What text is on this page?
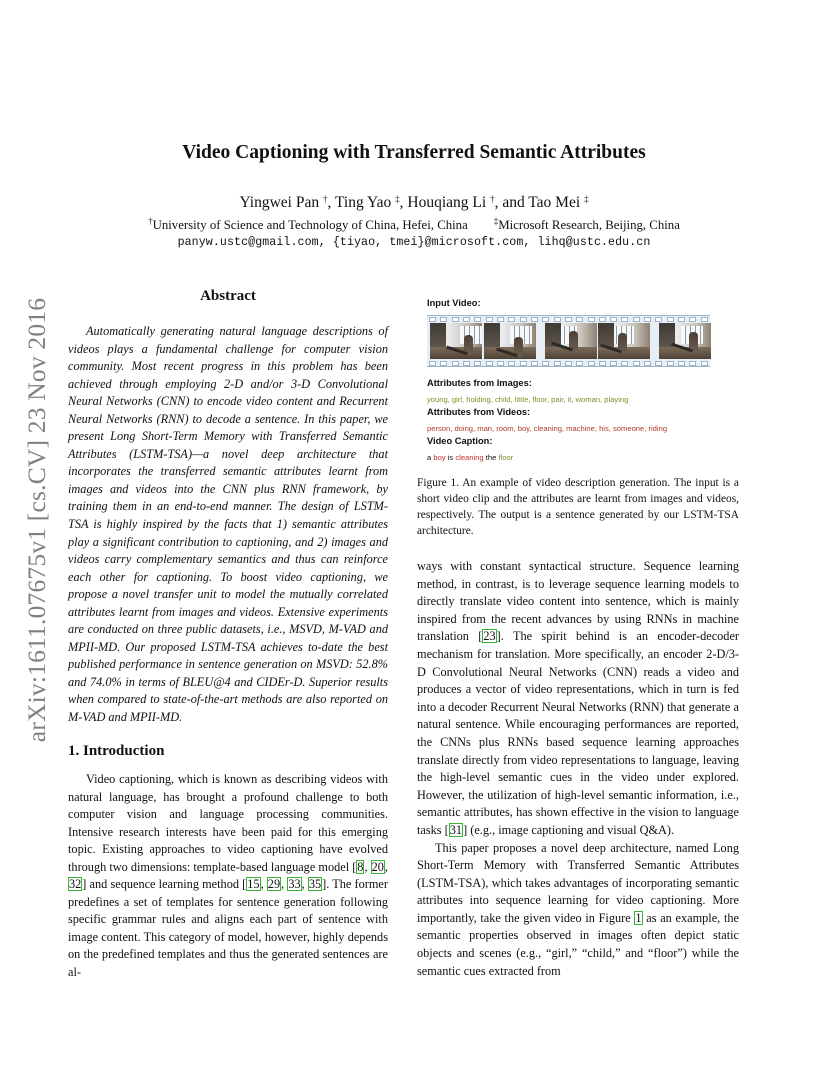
arXiv:1611.07675v1 [cs.CV] 23 Nov 2016
Video Captioning with Transferred Semantic Attributes
Yingwei Pan †, Ting Yao ‡, Houqiang Li †, and Tao Mei ‡
†University of Science and Technology of China, Hefei, China	‡Microsoft Research, Beijing, China
panyw.ustc@gmail.com, {tiyao, tmei}@microsoft.com, lihq@ustc.edu.cn
Abstract

Automatically generating natural language descriptions of videos plays a fundamental challenge for computer vision community. Most recent progress in this problem has been achieved through employing 2-D and/or 3-D Convolutional Neural Networks (CNN) to encode video content and Recurrent Neural Networks (RNN) to decode a sentence. In this paper, we present Long Short-Term Memory with Transferred Semantic Attributes (LSTM-TSA)—a novel deep architecture that incorporates the transferred semantic attributes learnt from images and videos into the CNN plus RNN framework, by training them in an end-to-end manner. The design of LSTM-TSA is highly inspired by the facts that 1) semantic attributes play a significant contribution to captioning, and 2) images and videos carry complementary semantics and thus can reinforce each other for captioning. To boost video captioning, we propose a novel transfer unit to model the mutually correlated attributes learnt from images and videos. Extensive experiments are conducted on three public datasets, i.e., MSVD, M-VAD and MPII-MD. Our proposed LSTM-TSA achieves to-date the best published performance in sentence generation on MSVD: 52.8% and 74.0% in terms of BLEU@4 and CIDEr-D. Superior results when compared to state-of-the-art methods are also reported on M-VAD and MPII-MD.

1. Introduction

Video captioning, which is known as describing videos with natural language, has brought a profound challenge to both computer vision and language processing communities. Intensive research interests have been paid for this emerging topic. Existing approaches to video captioning have evolved through two dimensions: template-based language model [8, 20, 32] and sequence learning method [15, 29, 33, 35]. The former predefines a set of templates for sentence generation following specific grammar rules and aligns each part of sentence with image content. This category of model, however, highly depends on the predefined templates and thus the generated sentences are al-

Input Video:
Attributes from Images:
young, girl, holding, child, little, floor, pair, it, woman, playing
Attributes from Videos:
person, doing, man, room, boy, cleaning, machine, his, someone, riding
Video Caption:
a boy is cleaning the floor
Figure 1. An example of video description generation. The input is a short video clip and the attributes are learnt from images and videos, respectively. The output is a sentence generated by our LSTM-TSA architecture.

ways with constant syntactical structure. Sequence learning method, in contrast, is to leverage sequence learning models to directly translate video content into sentence, which is mainly inspired from the recent advances by using RNNs in machine translation [23]. The spirit behind is an encoder-decoder mechanism for translation. More specifically, an encoder 2-D/3-D Convolutional Neural Networks (CNN) reads a video and produces a vector of video representations, which in turn is fed into a decoder Recurrent Neural Networks (RNN) that generate a natural sentence. While encouraging performances are reported, the CNNs plus RNNs based sequence learning approaches translate directly from video representations to language, leaving the high-level semantic cues in the video under explored. However, the utilization of high-level semantic information, i.e., semantic attributes, has shown effective in the vision to language tasks [31] (e.g., image captioning and visual Q&A).

This paper proposes a novel deep architecture, named Long Short-Term Memory with Transferred Semantic Attributes (LSTM-TSA), which takes advantages of incorporating semantic attributes into sequence learning for video captioning. More importantly, take the given video in Figure 1 as an example, the semantic properties observed in images often depict static objects and scenes (e.g., “girl,” “child,” and “floor”) while the semantic cues extracted from
